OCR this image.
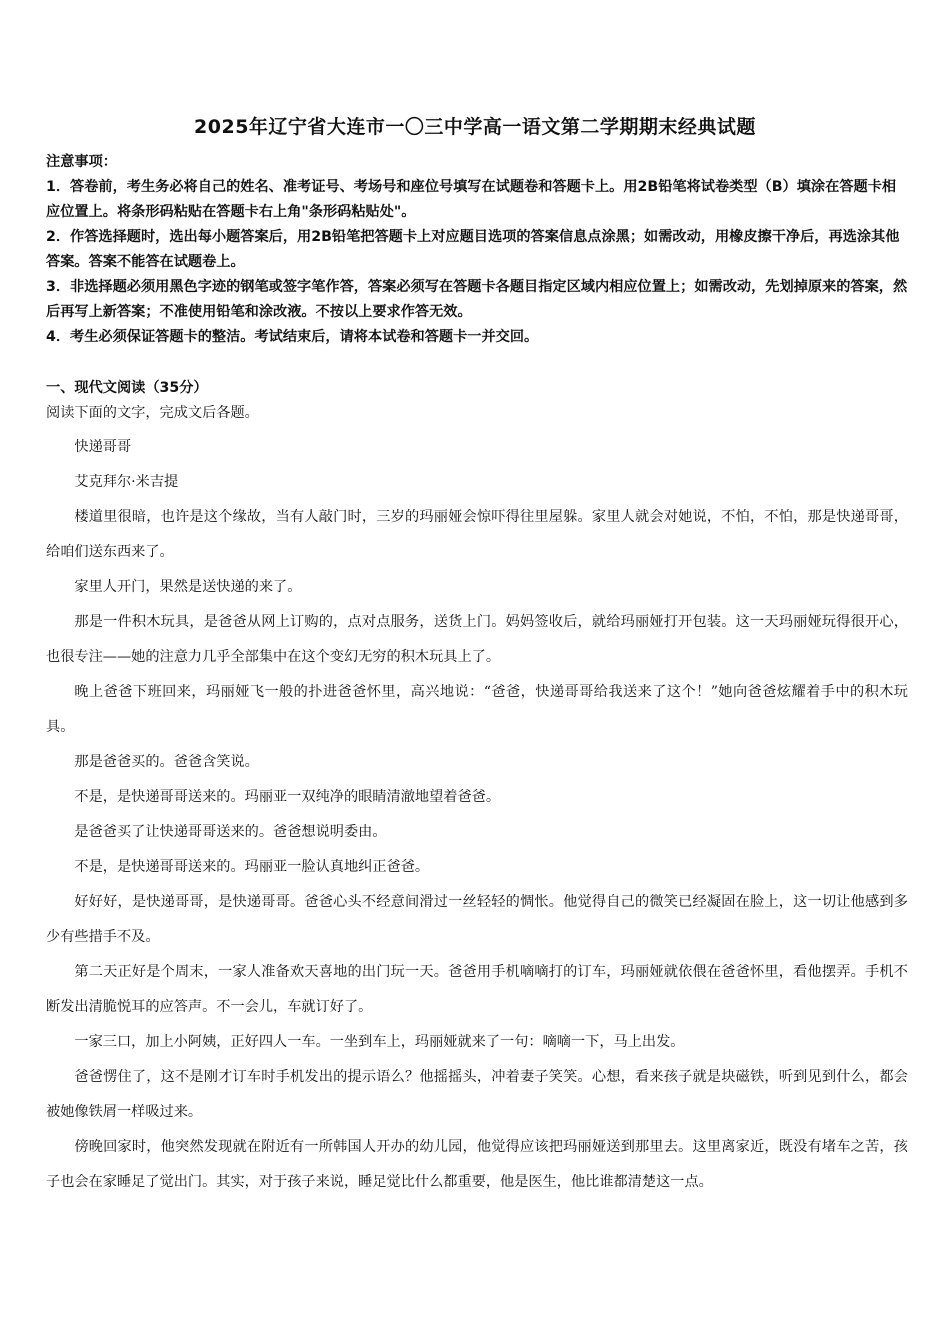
2025年辽宁省大连市一〇三中学高一语文第二学期期末经典试题

注意事项：

1．答卷前，考生务必将自己的姓名、准考证号、考场号和座位号填写在试题卷和答题卡上。用2B铅笔将试卷类型（B）填涂在答题卡相应位置上。将条形码粘贴在答题卡右上角"条形码粘贴处"。

2．作答选择题时，选出每小题答案后，用2B铅笔把答题卡上对应题目选项的答案信息点涂黑；如需改动，用橡皮擦干净后，再选涂其他答案。答案不能答在试题卷上。

3．非选择题必须用黑色字迹的钢笔或签字笔作答，答案必须写在答题卡各题目指定区域内相应位置上；如需改动，先划掉原来的答案，然后再写上新答案；不准使用铅笔和涂改液。不按以上要求作答无效。

4．考生必须保证答题卡的整洁。考试结束后，请将本试卷和答题卡一并交回。

一、现代文阅读（35分）
阅读下面的文字，完成文后各题。

快递哥哥

艾克拜尔·米吉提

楼道里很暗，也许是这个缘故，当有人敲门时，三岁的玛丽娅会惊吓得往里屋躲。家里人就会对她说，不怕，不怕，那是快递哥哥，给咱们送东西来了。

家里人开门，果然是送快递的来了。

那是一件积木玩具，是爸爸从网上订购的，点对点服务，送货上门。妈妈签收后，就给玛丽娅打开包装。这一天玛丽娅玩得很开心，也很专注——她的注意力几乎全部集中在这个变幻无穷的积木玩具上了。

晚上爸爸下班回来，玛丽娅飞一般的扑进爸爸怀里，高兴地说：“爸爸，快递哥哥给我送来了这个！”她向爸爸炫耀着手中的积木玩具。

那是爸爸买的。爸爸含笑说。

不是，是快递哥哥送来的。玛丽亚一双纯净的眼睛清澈地望着爸爸。

是爸爸买了让快递哥哥送来的。爸爸想说明委由。

不是，是快递哥哥送来的。玛丽亚一脸认真地纠正爸爸。

好好好，是快递哥哥，是快递哥哥。爸爸心头不经意间滑过一丝轻轻的惆怅。他觉得自己的微笑已经凝固在脸上，这一切让他感到多少有些措手不及。

第二天正好是个周末，一家人准备欢天喜地的出门玩一天。爸爸用手机嘀嘀打的订车，玛丽娅就依偎在爸爸怀里，看他摆弄。手机不断发出清脆悦耳的应答声。不一会儿，车就订好了。

一家三口，加上小阿姨，正好四人一车。一坐到车上，玛丽娅就来了一句：嘀嘀一下，马上出发。

爸爸愣住了，这不是刚才订车时手机发出的提示语么？他摇摇头，冲着妻子笑笑。心想，看来孩子就是块磁铁，听到见到什么，都会被她像铁屑一样吸过来。

傍晚回家时，他突然发现就在附近有一所韩国人开办的幼儿园，他觉得应该把玛丽娅送到那里去。这里离家近，既没有堵车之苦，孩子也会在家睡足了觉出门。其实，对于孩子来说，睡足觉比什么都重要，他是医生，他比谁都清楚这一点。
